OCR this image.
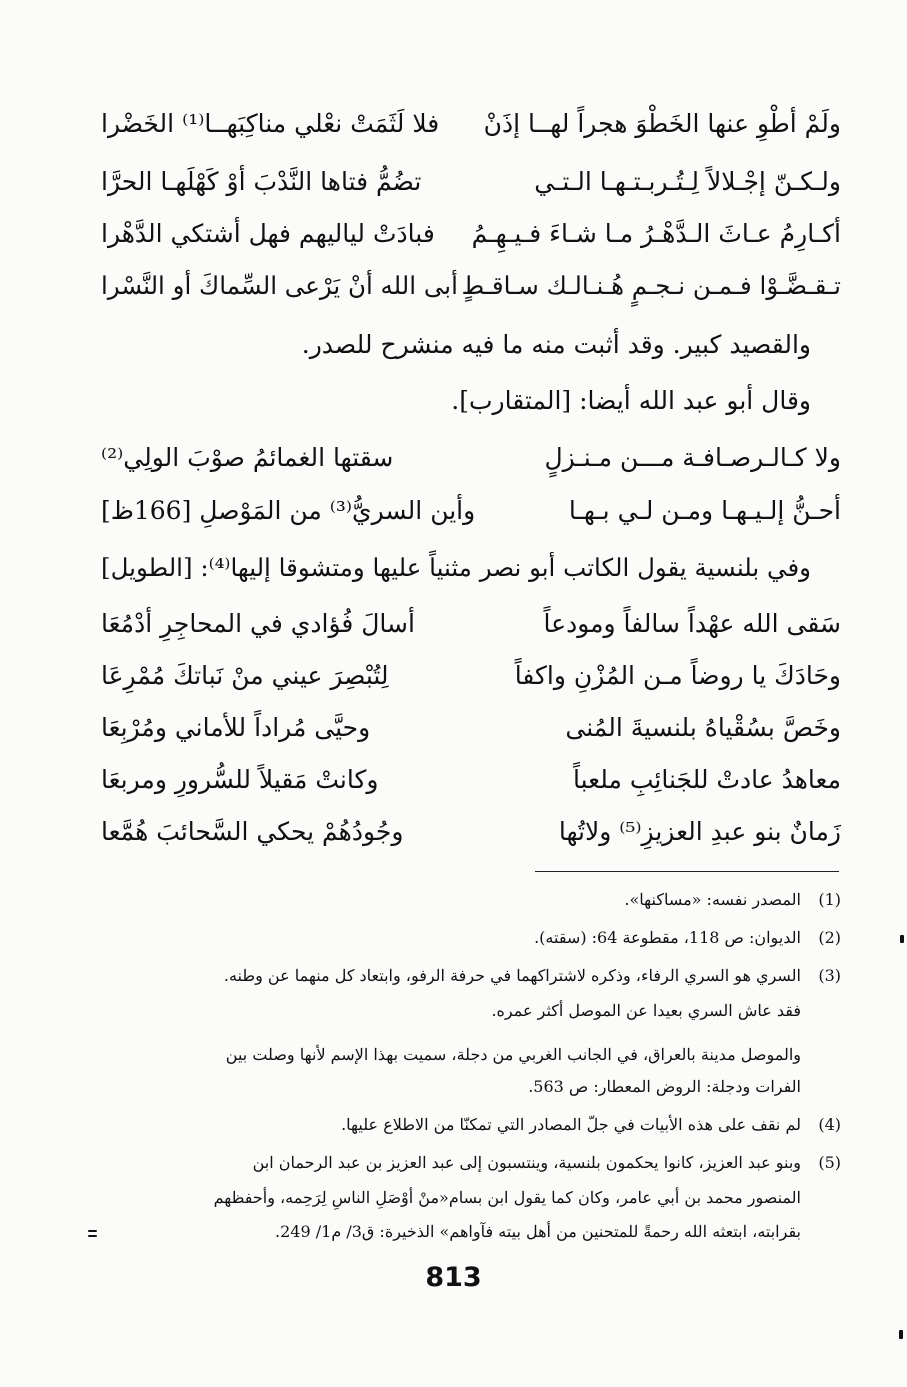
ولَمْ أطْوِ عنها الخَطْوَ هجراً لهــا إذَنْ
فلا لَثَمَتْ نعْلي مناكِبَهــا⁽¹⁾ الخَضْرا
ولـكـنّ إجْـلالاً لِـتُـربـتـهـا الـتـي
تضُمُّ فتاها النَّدْبَ أوْ كَهْلَهـا الحرَّا
أكـارِمُ عـاثَ الـدَّهْـرُ مـا شـاءَ فـيـهِـمُ
فبادَتْ لياليهم فهل أشتكي الدَّهْرا
تـقـضَّـوْا فـمـن نـجـمٍ هُـنـالـك سـاقـطٍ
أبى الله أنْ يَرْعى السِّماكَ أو النَّسْرا
والقصيد كبير. وقد أثبت منه ما فيه منشرح للصدر.
وقال أبو عبد الله أيضا: [المتقارب].
ولا كـالـرصـافـة مـــن مـنـزلٍ
سقتها الغمائمُ صوْبَ الولِي⁽²⁾
أحـنُّ إلـيـهـا ومـن لـي بـهـا
وأين السريُّ⁽³⁾ من المَوْصلِ [166ظ]
وفي بلنسية يقول الكاتب أبو نصر مثنياً عليها ومتشوقا إليها⁽⁴⁾: [الطويل]
سَقى الله عهْداً سالفاً ومودعاً
أسالَ فُؤادي في المحاجِرِ أدْمُعَا
وحَادَكَ يا روضاً مـن المُزْنِ واكفاً
لِتُبْصِرَ عيني منْ نَباتكَ مُمْرِعَا
وخَصَّ بسُقْياهُ بلنسيةَ المُنى
وحيَّى مُراداً للأماني ومُرْبِعَا
معاهدُ عادتْ للجَنائِبِ ملعباً
وكانتْ مَقيلاً للسُّرورِ ومربعَا
زَمانٌ بنو عبدِ العزيزِ⁽⁵⁾ ولاتُها
وجُودُهُمْ يحكي السَّحائبَ هُمَّعا
(1)
المصدر نفسه: «مساكنها».
(2)
الديوان: ص 118، مقطوعة 64: (سقته).
(3)
السري هو السري الرفاء، وذكره لاشتراكهما في حرفة الرفو، وابتعاد كل منهما عن وطنه.
فقد عاش السري بعيدا عن الموصل أكثر عمره.
والموصل مدينة بالعراق، في الجانب الغربي من دجلة، سميت بهذا الإسم لأنها وصلت بين
الفرات ودجلة: الروض المعطار: ص 563.
(4)
لم نقف على هذه الأبيات في جلّ المصادر التي تمكنّا من الاطلاع عليها.
(5)
وبنو عبد العزيز، كانوا يحكمون بلنسية، وينتسبون إلى عبد العزيز بن عبد الرحمان ابن
المنصور محمد بن أبي عامر، وكان كما يقول ابن بسام«منْ أوْصَلِ الناسِ لِرَحِمه، وأحفظهم
بقرابته، ابتعثه الله رحمةً للمتحنين من أهل بيته فآواهم» الذخيرة: ق3/ م1/ 249.
813
